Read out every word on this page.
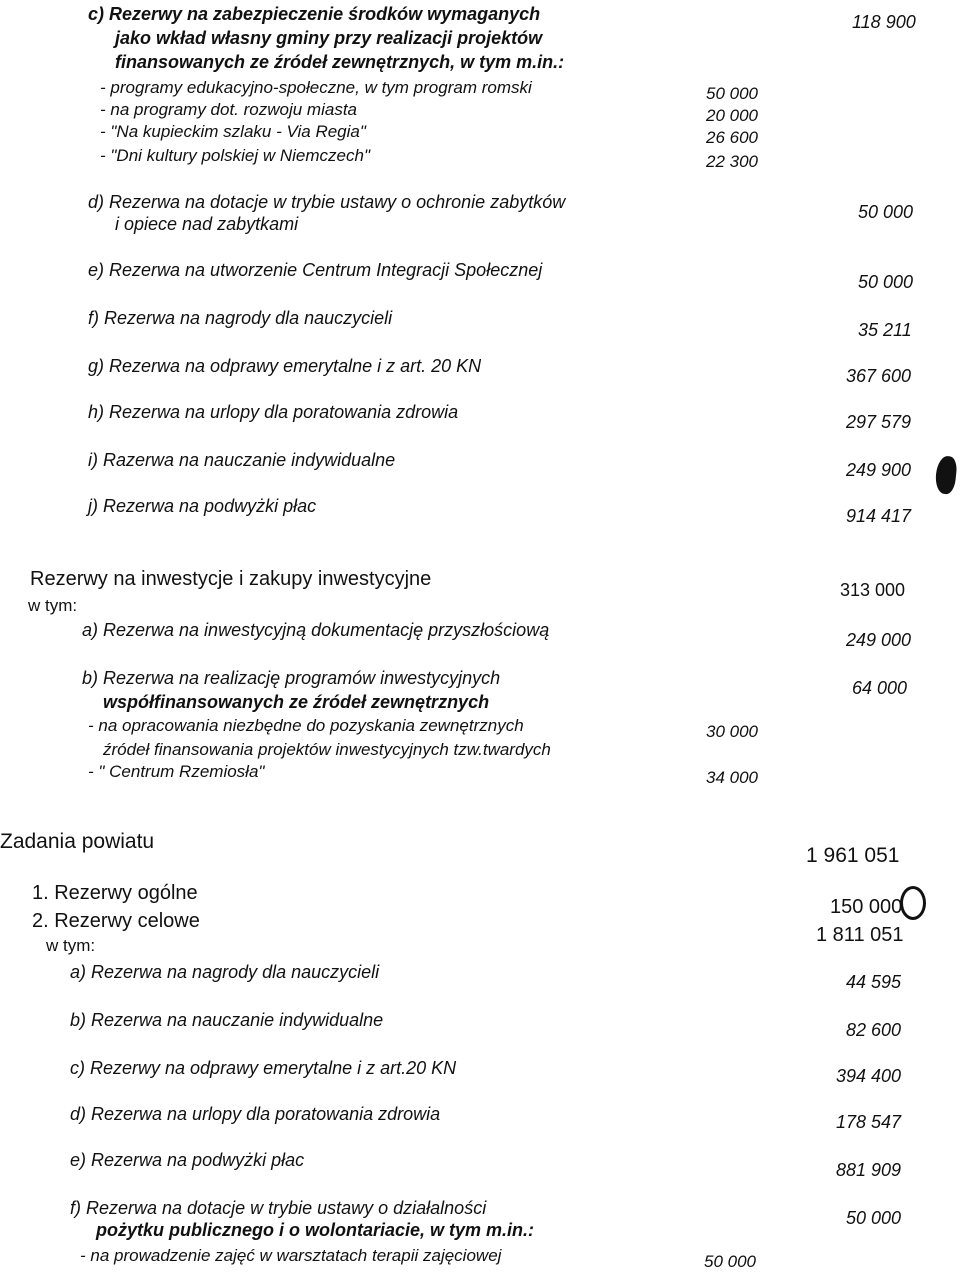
c) Rezerwy na zabezpieczenie środków wymaganych
jako wkład własny gminy przy realizacji projektów
finansowanych ze źródeł zewnętrznych, w tym m.in.:
118 900
- programy edukacyjno-społeczne, w tym program romski	50 000
- na programy dot. rozwoju miasta	20 000
- "Na kupieckim szlaku - Via Regia"	26 600
- "Dni kultury polskiej w Niemczech"	22 300
d) Rezerwa na dotacje w trybie ustawy o ochronie zabytków
i opiece nad zabytkami
50 000
e) Rezerwa na utworzenie Centrum Integracji Społecznej
50 000
f) Rezerwa na nagrody dla nauczycieli
35 211
g) Rezerwa na odprawy emerytalne i z art. 20 KN	367 600
h) Rezerwa na urlopy dla poratowania zdrowia	297 579
i) Razerwa na nauczanie indywidualne	249 900
j) Rezerwa na podwyżki płac	914 417
Rezerwy na inwestycje i zakupy inwestycyjne	313 000
w tym:
a) Rezerwa na inwestycyjną dokumentację przyszłościową	249 000
b) Rezerwa na realizację programów inwestycyjnych
współfinansowanych ze źródeł zewnętrznych
64 000
- na opracowania niezbędne do pozyskania zewnętrznych
źródeł finansowania projektów inwestycyjnych tzw.twardych
30 000
- " Centrum Rzemiosła"	34 000
Zadania powiatu
1 961 051
1. Rezerwy ogólne
150 000
2. Rezerwy celowe
1 811 051
w tym:
a) Rezerwa na nagrody dla nauczycieli	44 595
b) Rezerwa na nauczanie indywidualne	82 600
c) Rezerwy na odprawy emerytalne i z art.20 KN	394 400
d) Rezerwa na urlopy dla poratowania zdrowia	178 547
e) Rezerwa na podwyżki płac	881 909
f) Rezerwa na dotacje w trybie ustawy o działalności
pożytku publicznego i o wolontariacie, w tym m.in.:
50 000
- na prowadzenie zajęć w warsztatach terapii zajęciowej	50 000
